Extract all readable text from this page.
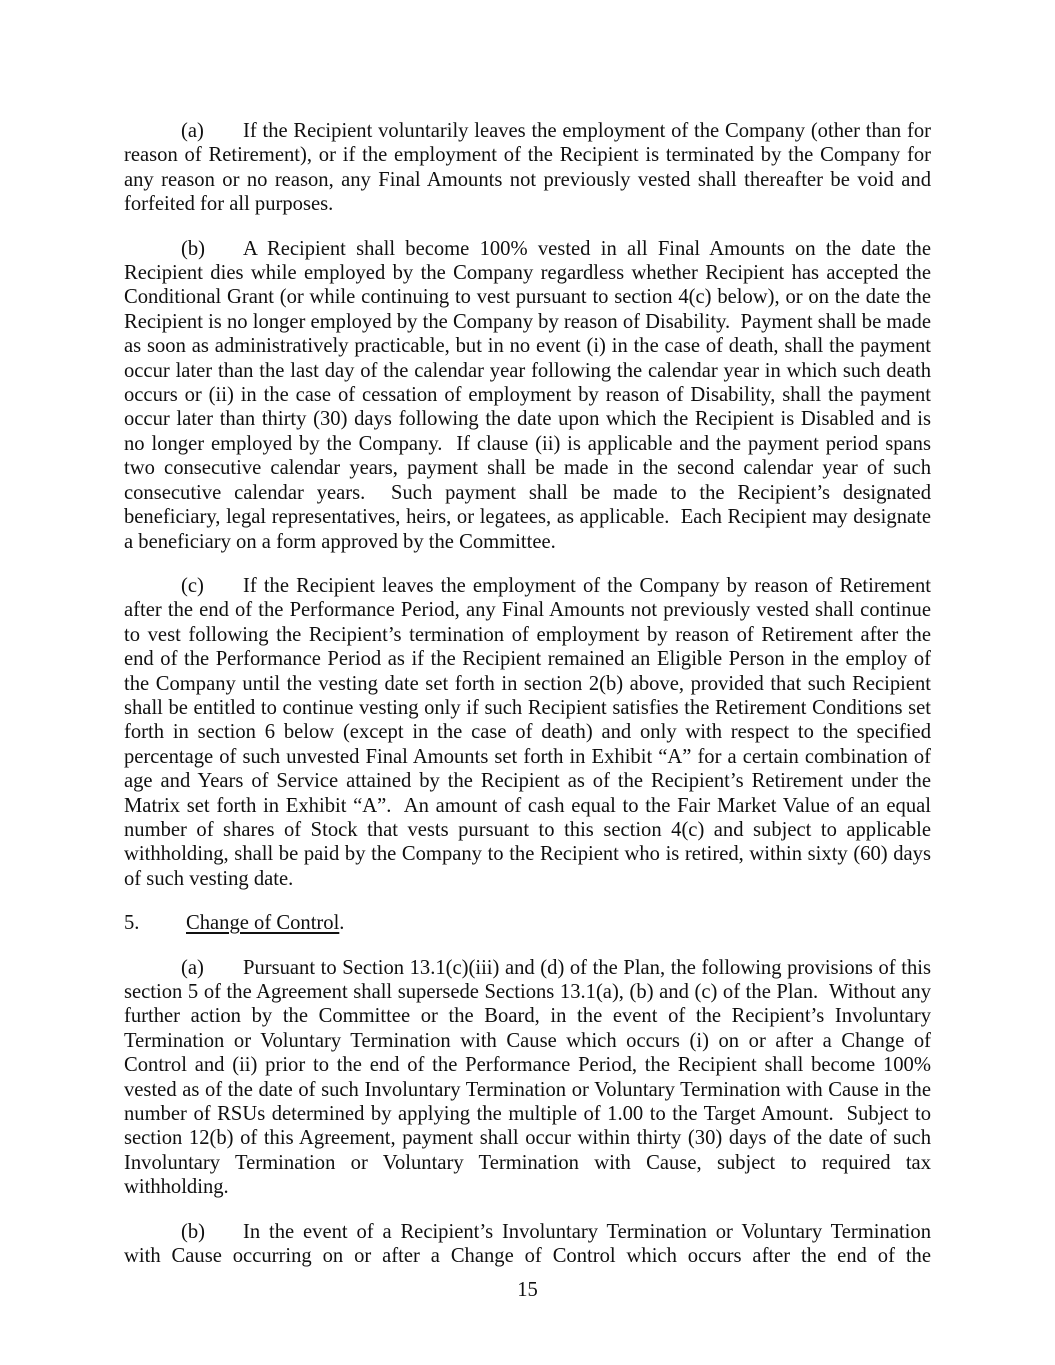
(a) If the Recipient voluntarily leaves the employment of the Company (other than for reason of Retirement), or if the employment of the Recipient is terminated by the Company for any reason or no reason, any Final Amounts not previously vested shall thereafter be void and forfeited for all purposes.

(b) A Recipient shall become 100% vested in all Final Amounts on the date the Recipient dies while employed by the Company regardless whether Recipient has accepted the Conditional Grant (or while continuing to vest pursuant to section 4(c) below), or on the date the Recipient is no longer employed by the Company by reason of Disability.  Payment shall be made as soon as administratively practicable, but in no event (i) in the case of death, shall the payment occur later than the last day of the calendar year following the calendar year in which such death occurs or (ii) in the case of cessation of employment by reason of Disability, shall the payment occur later than thirty (30) days following the date upon which the Recipient is Disabled and is no longer employed by the Company.  If clause (ii) is applicable and the payment period spans two consecutive calendar years, payment shall be made in the second calendar year of such consecutive calendar years.  Such payment shall be made to the Recipient’s designated beneficiary, legal representatives, heirs, or legatees, as applicable.  Each Recipient may designate a beneficiary on a form approved by the Committee.

(c) If the Recipient leaves the employment of the Company by reason of Retirement after the end of the Performance Period, any Final Amounts not previously vested shall continue to vest following the Recipient’s termination of employment by reason of Retirement after the end of the Performance Period as if the Recipient remained an Eligible Person in the employ of the Company until the vesting date set forth in section 2(b) above, provided that such Recipient shall be entitled to continue vesting only if such Recipient satisfies the Retirement Conditions set forth in section 6 below (except in the case of death) and only with respect to the specified percentage of such unvested Final Amounts set forth in Exhibit “A” for a certain combination of age and Years of Service attained by the Recipient as of the Recipient’s Retirement under the Matrix set forth in Exhibit “A”.  An amount of cash equal to the Fair Market Value of an equal number of shares of Stock that vests pursuant to this section 4(c) and subject to applicable withholding, shall be paid by the Company to the Recipient who is retired, within sixty (60) days of such vesting date.

5. Change of Control.

(a) Pursuant to Section 13.1(c)(iii) and (d) of the Plan, the following provisions of this section 5 of the Agreement shall supersede Sections 13.1(a), (b) and (c) of the Plan.  Without any further action by the Committee or the Board, in the event of the Recipient’s Involuntary Termination or Voluntary Termination with Cause which occurs (i) on or after a Change of Control and (ii) prior to the end of the Performance Period, the Recipient shall become 100% vested as of the date of such Involuntary Termination or Voluntary Termination with Cause in the number of RSUs determined by applying the multiple of 1.00 to the Target Amount.  Subject to section 12(b) of this Agreement, payment shall occur within thirty (30) days of the date of such Involuntary Termination or Voluntary Termination with Cause, subject to required tax withholding.

(b) In the event of a Recipient’s Involuntary Termination or Voluntary Termination with Cause occurring on or after a Change of Control which occurs after the end of the

15
